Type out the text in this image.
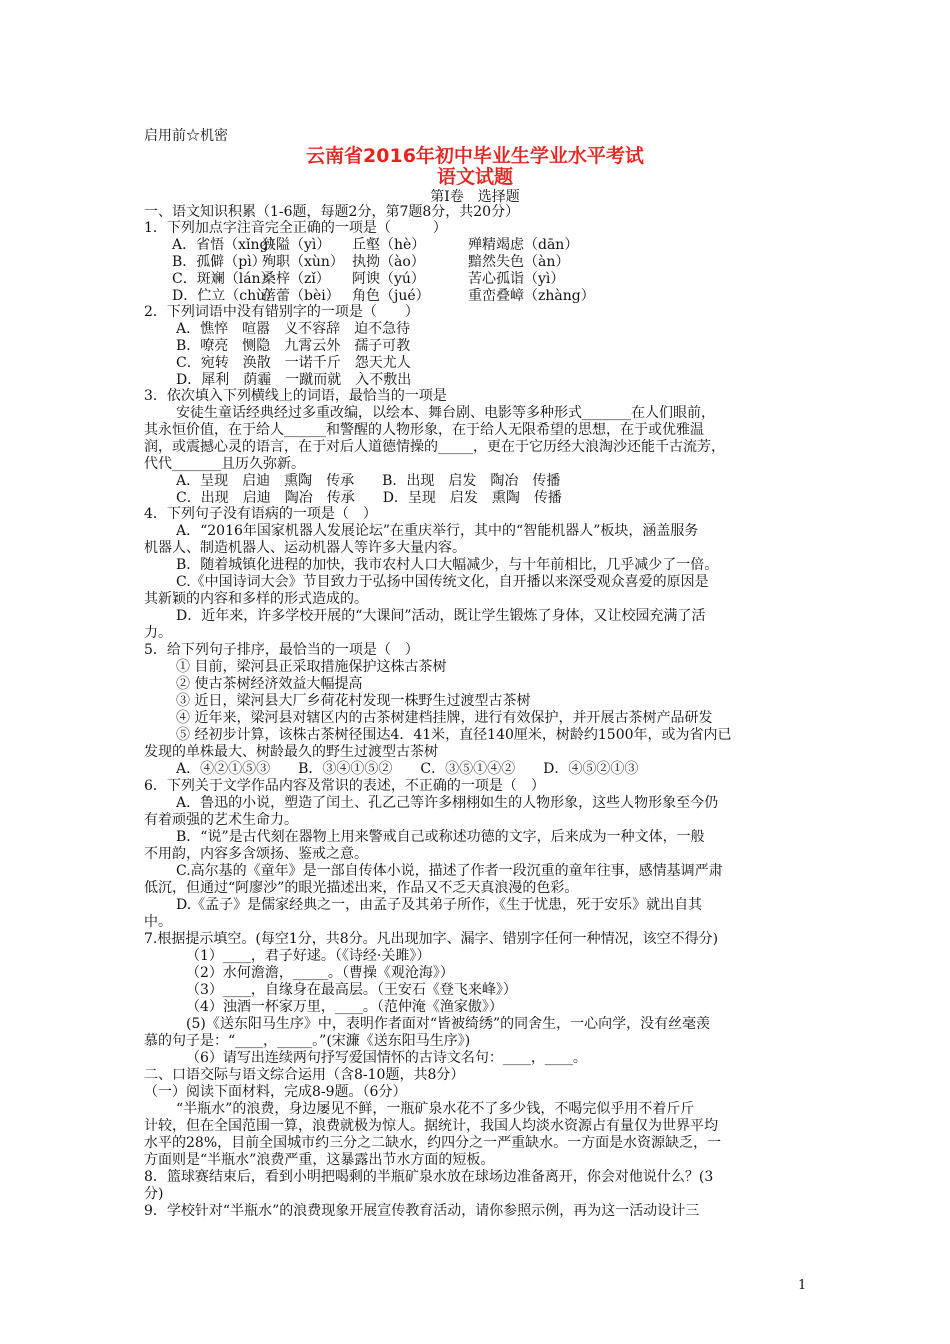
启用前☆机密
云南省2016年初中毕业生学业水平考试
语文试题
第Ⅰ卷　选择题
一、语文知识积累（1-6题，每题2分，第7题8分，共20分）
1．下列加点字注音完全正确的一项是（　　　）
A．省悟（xǐng）狭隘（yì） 丘壑（hè）	殚精竭虑（dān）
B．孤僻（pì）殉职（xùn） 执拗（ào）	黯然失色（àn）
C．斑斓（lán）桑梓（zǐ） 阿谀（yú）	苦心孤诣（yì）
D．伫立（chù）蓓蕾（bèi） 角色（jué）	重峦叠嶂（zhàng）
2．下列词语中没有错别字的一项是（　　）
A．憔悴　喧嚣　义不容辞　迫不急待
B．嘹亮　恻隐　九霄云外　孺子可教
C．宛转　涣散　一诺千斤　怨天尤人
D．犀利　荫霾　一蹴而就　入不敷出
3．依次填入下列横线上的词语，最恰当的一项是
安徒生童话经典经过多重改编，以绘本、舞台剧、电影等多种形式_______在人们眼前，
其永恒价值，在于给人______和警醒的人物形象，在于给人无限希望的思想，在于或优雅温
润，或震撼心灵的语言，在于对后人道德情操的_____，更在于它历经大浪淘沙还能千古流芳，
代代_______且历久弥新。
A．呈现　启迪　熏陶　传承　　B．出现　启发　陶冶　传播
C．出现　启迪　陶冶　传承　　D．呈现　启发　熏陶　传播
4．下列句子没有语病的一项是（　）
A．“2016年国家机器人发展论坛”在重庆举行，其中的“智能机器人”板块，涵盖服务
机器人、制造机器人、运动机器人等许多大量内容。
B．随着城镇化进程的加快，我市农村人口大幅减少，与十年前相比，几乎减少了一倍。
C.《中国诗词大会》节目致力于弘扬中国传统文化，自开播以来深受观众喜爱的原因是
其新颖的内容和多样的形式造成的。
D．近年来，许多学校开展的“大课间”活动，既让学生锻炼了身体，又让校园充满了活
力。
5．给下列句子排序，最恰当的一项是（　）
① 目前，梁河县正采取措施保护这株古茶树
② 使古茶树经济效益大幅提高
③ 近日，梁河县大厂乡荷花村发现一株野生过渡型古茶树
④ 近年来，梁河县对辖区内的古茶树建档挂牌，进行有效保护，并开展古茶树产品研发
⑤ 经初步计算，该株古茶树径围达4．41米，直径140厘米，树龄约1500年，或为省内已
发现的单株最大、树龄最久的野生过渡型古茶树
A．④②①⑤③　　B．③④①⑤②　　C．③⑤①④②　　D．④⑤②①③
6．下列关于文学作品内容及常识的表述，不正确的一项是（　）
A．鲁迅的小说，塑造了闰土、孔乙己等许多栩栩如生的人物形象，这些人物形象至今仍
有着顽强的艺术生命力。
B．“说”是古代刻在器物上用来警戒自己或称述功德的文字，后来成为一种文体，一般
不用韵，内容多含颂扬、鉴戒之意。
C.高尔基的《童年》是一部自传体小说，描述了作者一段沉重的童年往事，感情基调严肃
低沉，但通过“阿廖沙”的眼光描述出来，作品又不乏天真浪漫的色彩。
D.《孟子》是儒家经典之一，由孟子及其弟子所作，《生于忧患，死于安乐》就出自其
中。
7.根据提示填空。(每空1分，共8分。凡出现加字、漏字、错别字任何一种情况，该空不得分)
（1）____，君子好逑。（《诗经·关雎》）
（2）水何澹澹，_____。（曹操《观沧海》）
（3）____，自缘身在最高层。（王安石《登飞来峰》）
（4）浊酒一杯家万里，____。（范仲淹《渔家傲》）
(5)《送东阳马生序》中，表明作者面对“皆被绮绣”的同舍生，一心向学，没有丝毫羡
慕的句子是：“____，_____。”(宋濂《送东阳马生序》)
（6）请写出连续两句抒写爱国情怀的古诗文名句：____，____。
二、口语交际与语文综合运用（含8-10题，共8分）
（一）阅读下面材料，完成8-9题。（6分）
“半瓶水”的浪费，身边屡见不鲜，一瓶矿泉水花不了多少钱，不喝完似乎用不着斤斤
计较，但在全国范围一算，浪费就极为惊人。据统计，我国人均淡水资源占有量仅为世界平均
水平的28%，目前全国城市约三分之二缺水，约四分之一严重缺水。一方面是水资源缺乏，一
方面则是“半瓶水”浪费严重，这暴露出节水方面的短板。
8．篮球赛结束后，看到小明把喝剩的半瓶矿泉水放在球场边准备离开，你会对他说什么？(3
分)
9．学校针对“半瓶水”的浪费现象开展宣传教育活动，请你参照示例，再为这一活动设计三
1
